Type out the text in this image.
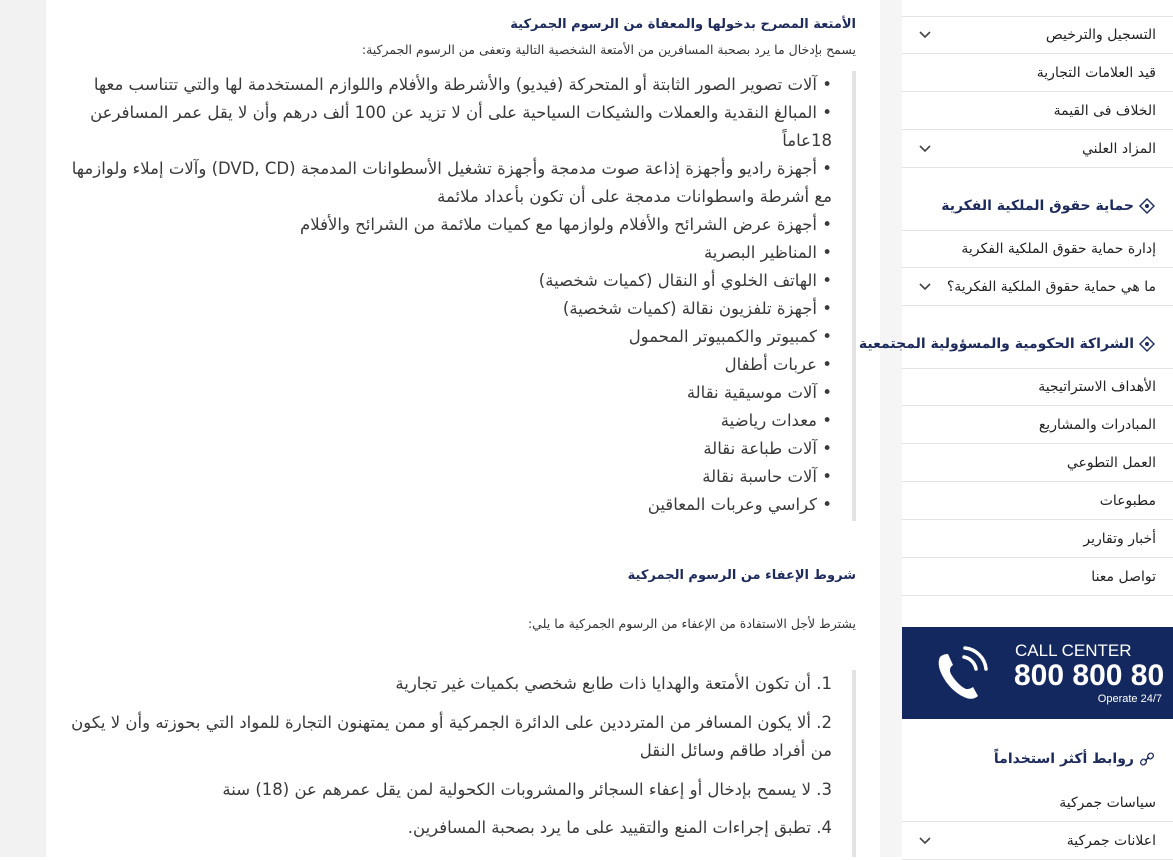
الأمتعة المصرح بدخولها والمعفاة من الرسوم الجمركية
يسمح بإدخال ما يرد بصحبة المسافرين من الأمتعة الشخصية التالية وتعفى من الرسوم الجمركية:
• آلات تصوير الصور الثابتة أو المتحركة (فيديو) والأشرطة والأفلام واللوازم المستخدمة لها والتي تتناسب معها
• المبالغ النقدية والعملات والشيكات السياحية على أن لا تزيد عن 100 ألف درهم وأن لا يقل عمر المسافرعن 18عاماً
• أجهزة راديو وأجهزة إذاعة صوت مدمجة وأجهزة تشغيل الأسطوانات المدمجة (DVD, CD) وآلات إملاء ولوازمها مع أشرطة واسطوانات مدمجة على أن تكون بأعداد ملائمة
• أجهزة عرض الشرائح والأفلام ولوازمها مع كميات ملائمة من الشرائح والأفلام
• المناظير البصرية
• الهاتف الخلوي أو النقال (كميات شخصية)
• أجهزة تلفزيون نقالة (كميات شخصية)
• كمبيوتر والكمبيوتر المحمول
• عربات أطفال
• آلات موسيقية نقالة
• معدات رياضية
• آلات طباعة نقالة
• آلات حاسبة نقالة
• كراسي وعربات المعاقين
شروط الإعفاء من الرسوم الجمركية
يشترط لأجل الاستفادة من الإعفاء من الرسوم الجمركية ما يلي:
1. أن تكون الأمتعة والهدايا ذات طابع شخصي بكميات غير تجارية
2. ألا يكون المسافر من المترددين على الدائرة الجمركية أو ممن يمتهنون التجارة للمواد التي بحوزته وأن لا يكون من أفراد طاقم وسائل النقل
3. لا يسمح بإدخال أو إعفاء السجائر والمشروبات الكحولية لمن يقل عمرهم عن (18) سنة
4. تطبق إجراءات المنع والتقييد على ما يرد بصحبة المسافرين.
التسجيل والترخيص
قيد العلامات التجارية
الخلاف فى القيمة
المزاد العلني
حماية حقوق الملكية الفكرية
إدارة حماية حقوق الملكية الفكرية
ما هي حماية حقوق الملكية الفكرية؟
الشراكة الحكومية والمسؤولية المجتمعية
الأهداف الاستراتيجية
المبادرات والمشاريع
العمل التطوعي
مطبوعات
أخبار وتقارير
تواصل معنا
CALL CENTER
800 800 80
Operate 24/7
روابط أكثر استخداماً
سياسات جمركية
اعلانات جمركية
